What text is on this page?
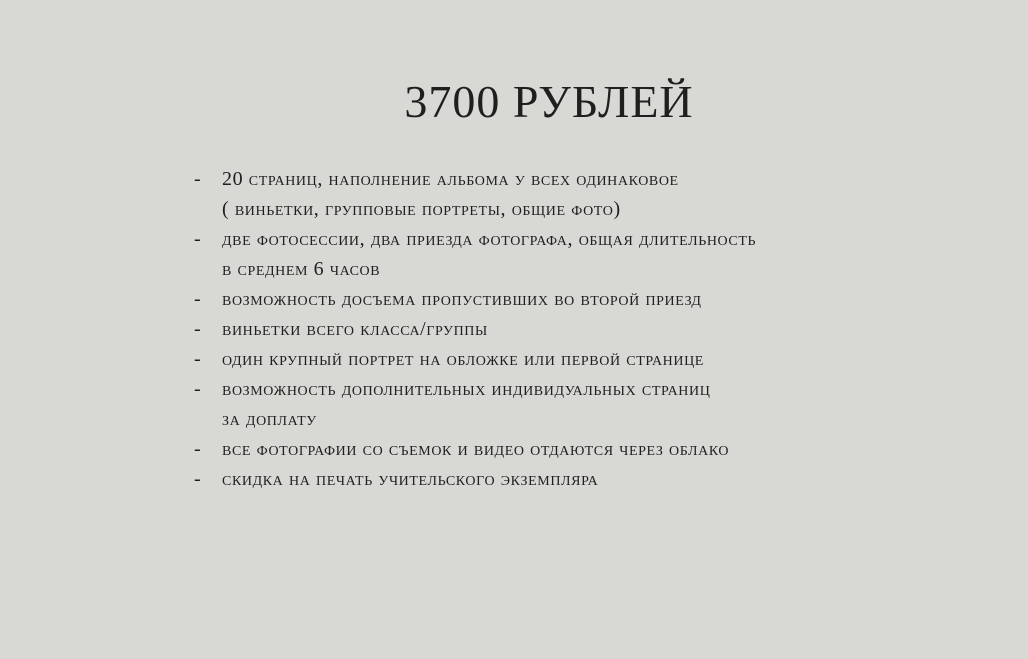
3700 РУБЛЕЙ
-	20 страниц, наполнение альбома у всех одинаковое
( виньетки, групповые портреты, общие фото)
-	две фотосессии, два приезда фотографа, общая длительность
в среднем 6 часов
-	возможность досъема пропустивших во второй приезд
-	виньетки всего класса/группы
-	один крупный портрет на обложке или первой странице
-	возможность дополнительных индивидуальных страниц
за доплату
-	все фотографии со съемок и видео отдаются через облако
-	скидка на печать учительского экземпляра
